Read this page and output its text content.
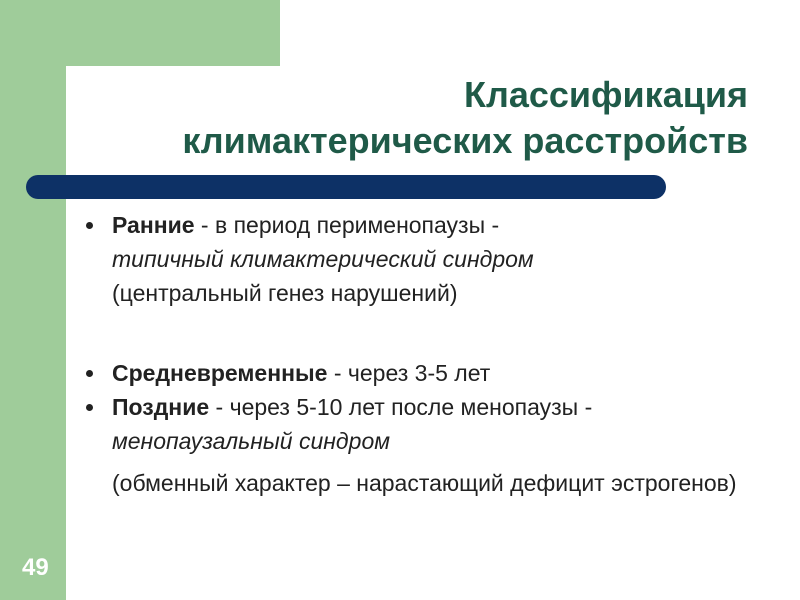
Классификация
климактерических расстройств
Ранние - в период перименопаузы -
типичный климактерический синдром
(центральный генез нарушений)
Средневременные - через 3-5 лет
Поздние - через 5-10 лет после менопаузы -
менопаузальный синдром
(обменный характер – нарастающий дефицит эстрогенов)
49
